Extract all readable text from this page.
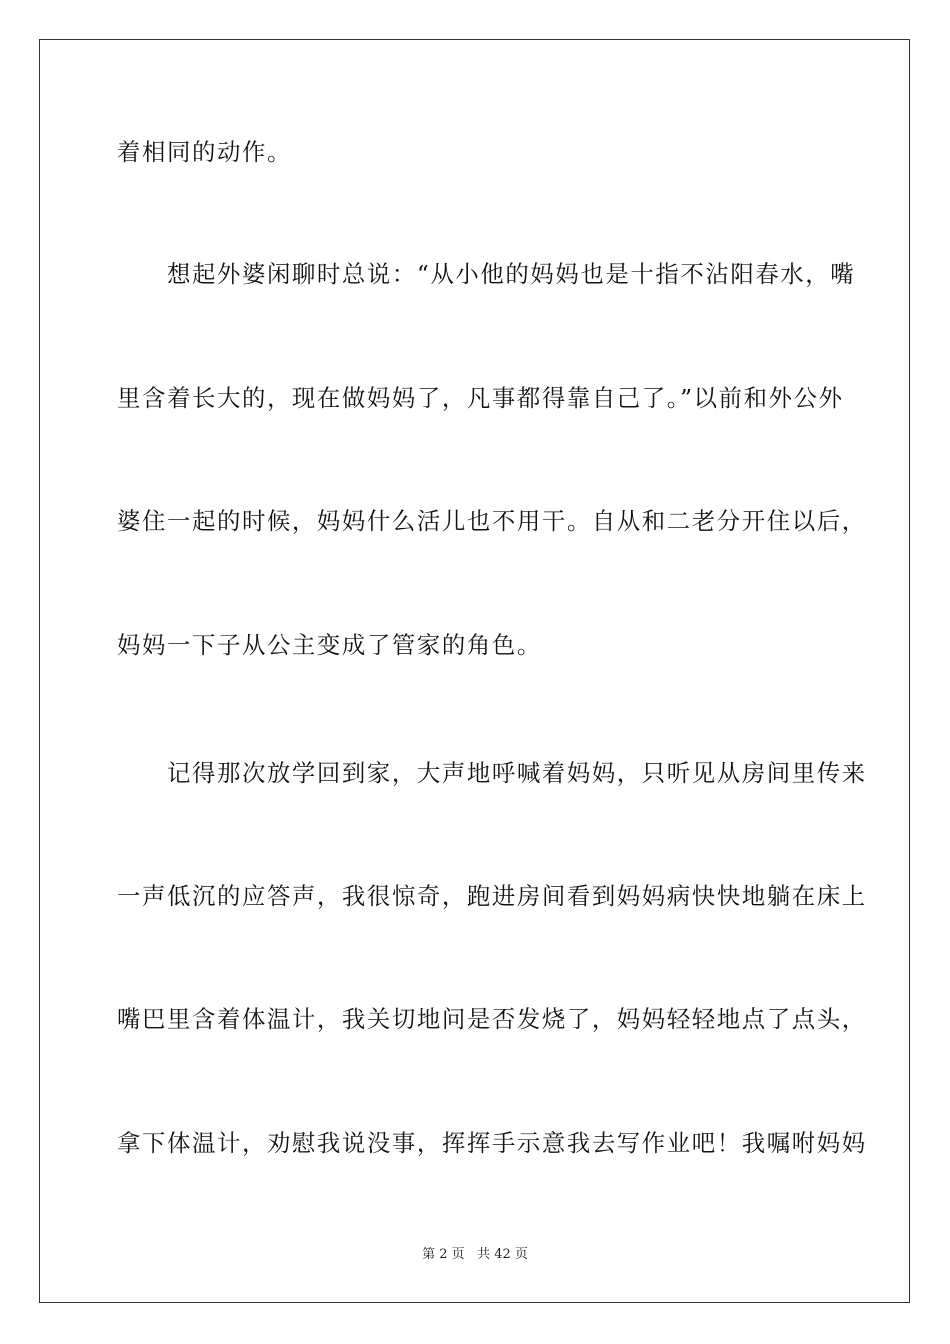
着相同的动作。

　　想起外婆闲聊时总说：“从小他的妈妈也是十指不沾阳春水，嘴

里含着长大的，现在做妈妈了，凡事都得靠自己了。”以前和外公外

婆住一起的时候，妈妈什么活儿也不用干。自从和二老分开住以后，

妈妈一下子从公主变成了管家的角色。

　　记得那次放学回到家，大声地呼喊着妈妈，只听见从房间里传来

一声低沉的应答声，我很惊奇，跑进房间看到妈妈病快快地躺在床上

嘴巴里含着体温计，我关切地问是否发烧了，妈妈轻轻地点了点头，

拿下体温计，劝慰我说没事，挥挥手示意我去写作业吧！我嘱咐妈妈

第 2 页 共 42 页
